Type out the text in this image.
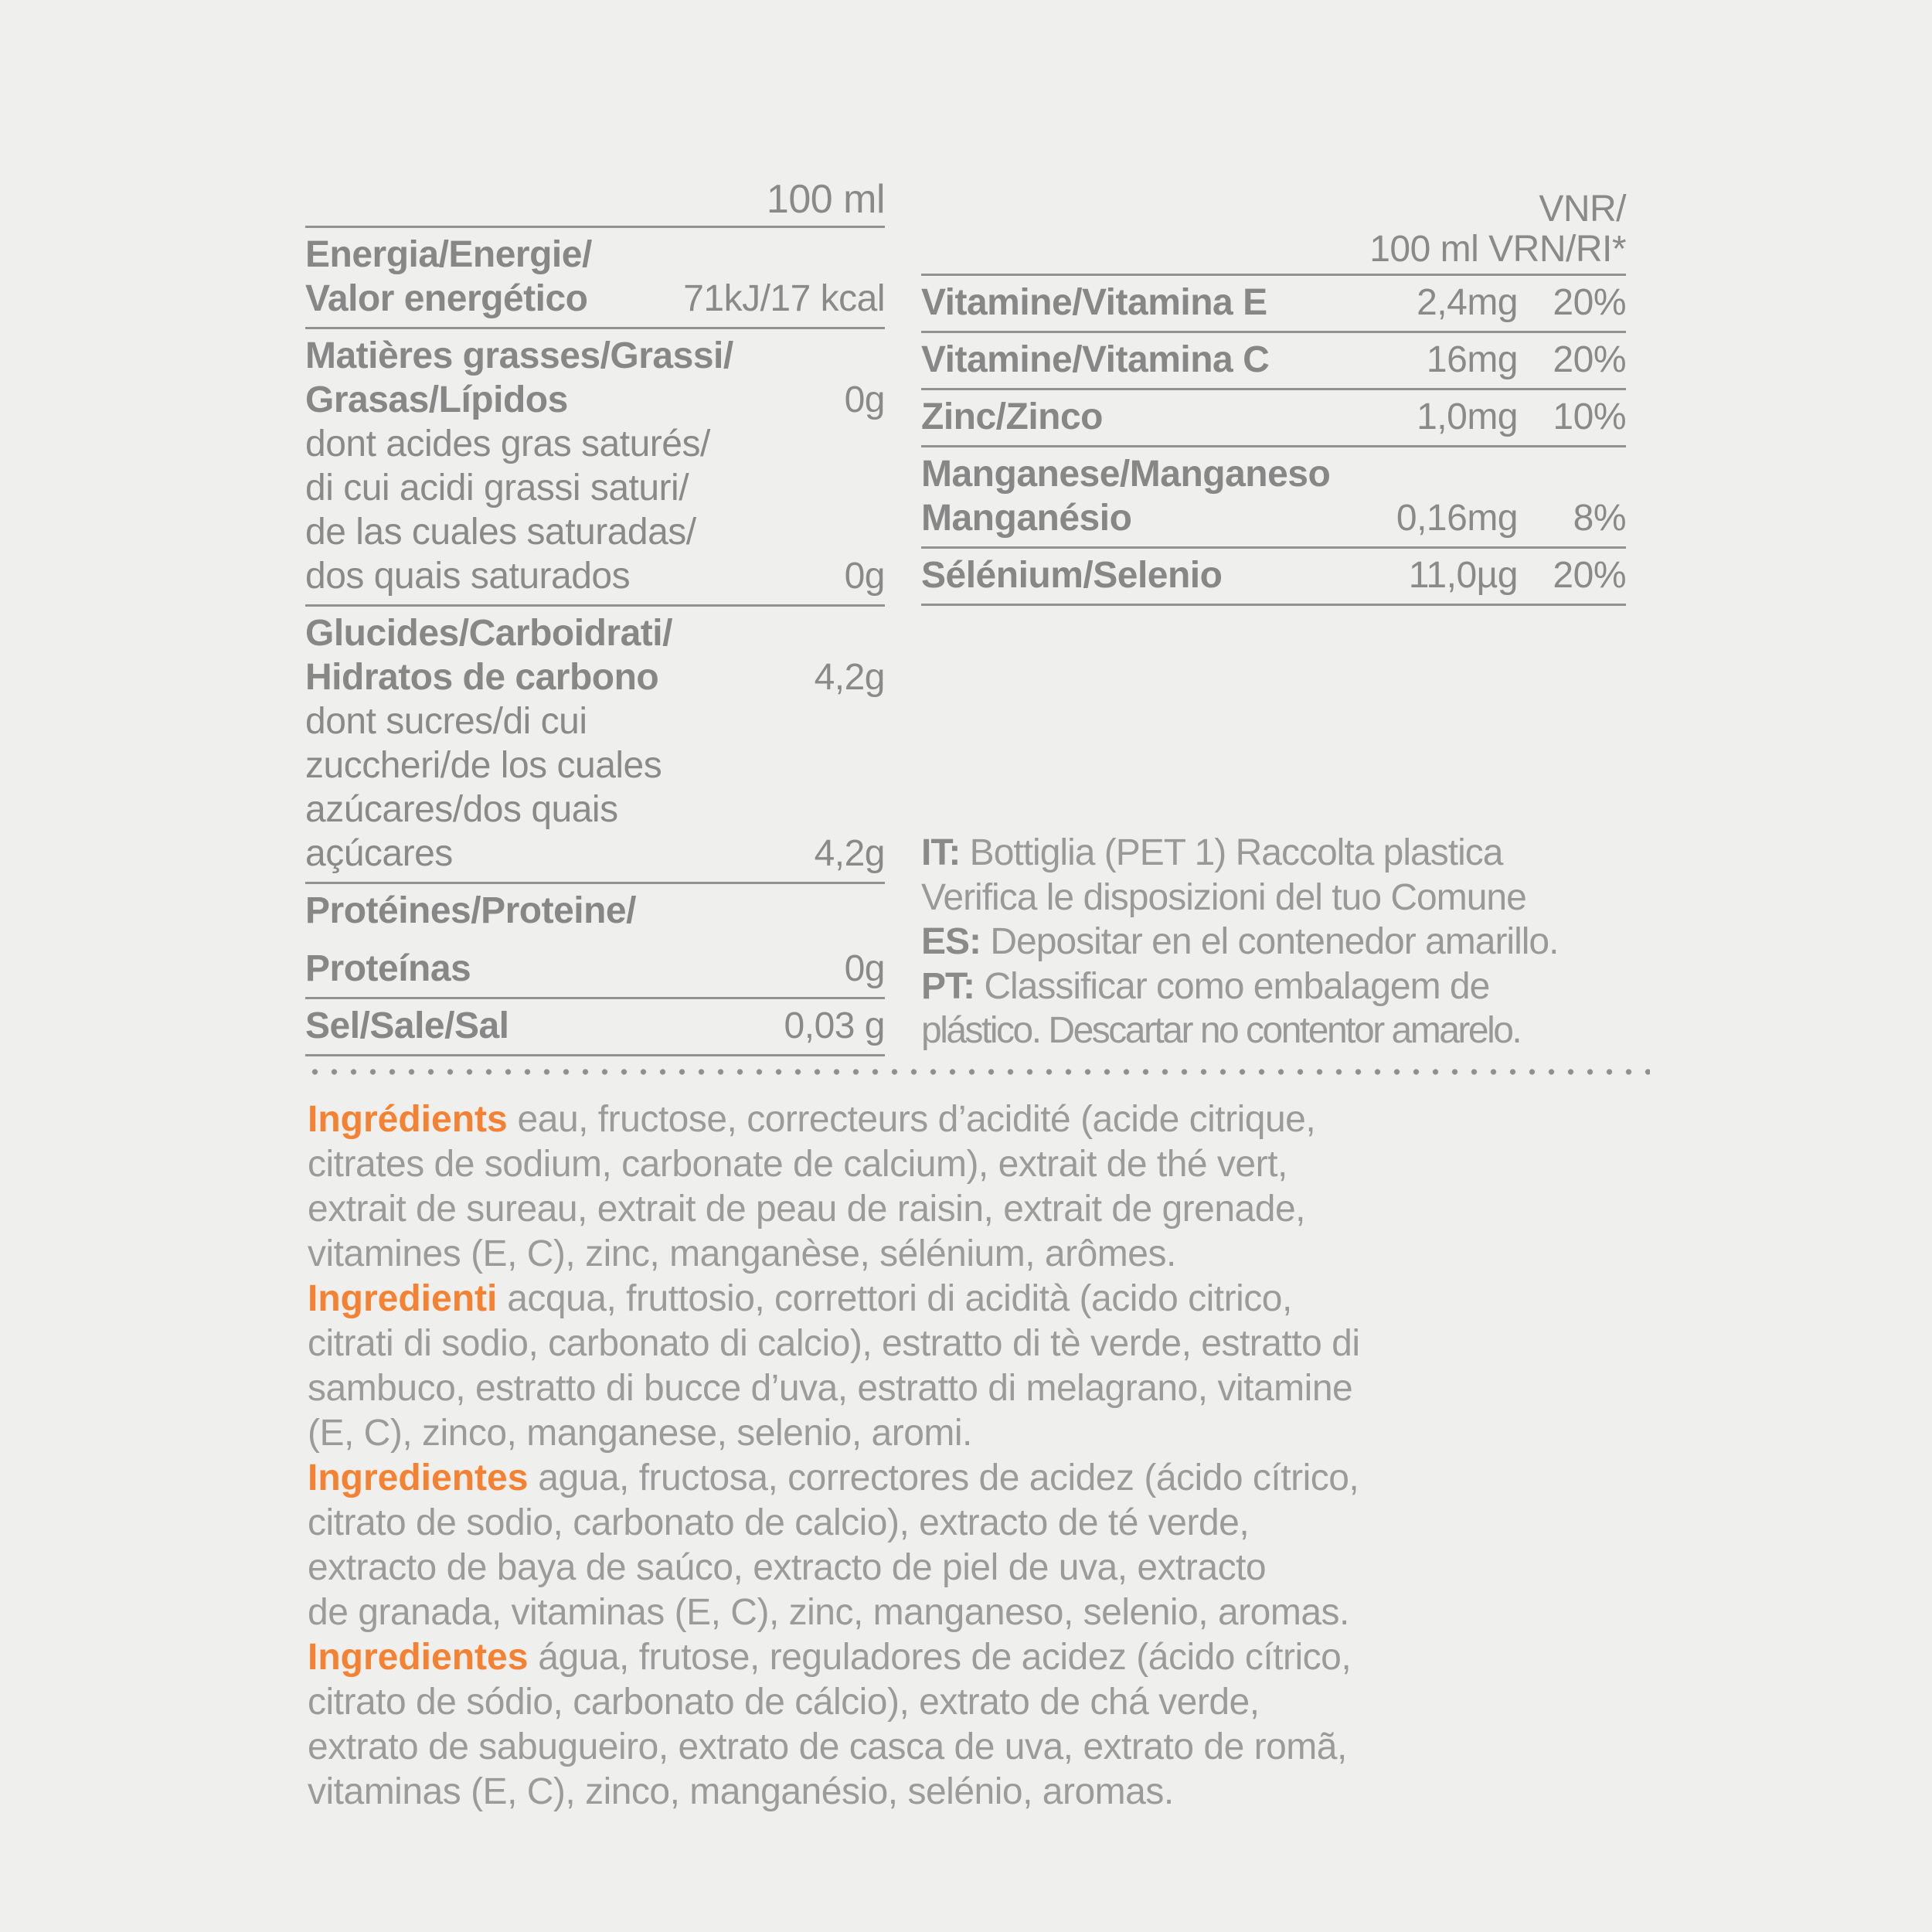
100 ml
Energia/Energie/
Valor energético	71kJ/17 kcal
Matières grasses/Grassi/
Grasas/Lípidos	0g
dont acides gras saturés/
di cui acidi grassi saturi/
de las cuales saturadas/
dos quais saturados	0g
Glucides/Carboidrati/
Hidratos de carbono	4,2g
dont sucres/di cui
zuccheri/de los cuales
azúcares/dos quais
açúcares	4,2g
Protéines/Proteine/
Proteínas	0g
Sel/Sale/Sal	0,03 g
VNR/
100 ml VRN/RI*
Vitamine/Vitamina E	2,4mg 20%
Vitamine/Vitamina C	16mg 20%
Zinc/Zinco	1,0mg 10%
Manganese/Manganeso
Manganésio	0,16mg	8%
Sélénium/Selenio	11,0µg 20%
IT: Bottiglia (PET 1) Raccolta plastica
Verifica le disposizioni del tuo Comune
ES: Depositar en el contenedor amarillo.
PT: Classificar como embalagem de
plástico. Descartar no contentor amarelo.
Ingrédients eau, fructose, correcteurs d’acidité (acide citrique,
citrates de sodium, carbonate de calcium), extrait de thé vert,
extrait de sureau, extrait de peau de raisin, extrait de grenade,
vitamines (E, C), zinc, manganèse, sélénium, arômes.
Ingredienti acqua, fruttosio, correttori di acidità (acido citrico,
citrati di sodio, carbonato di calcio), estratto di tè verde, estratto di
sambuco, estratto di bucce d’uva, estratto di melagrano, vitamine
(E, C), zinco, manganese, selenio, aromi.
Ingredientes agua, fructosa, correctores de acidez (ácido cítrico,
citrato de sodio, carbonato de calcio), extracto de té verde,
extracto de baya de saúco, extracto de piel de uva, extracto
de granada, vitaminas (E, C), zinc, manganeso, selenio, aromas.
Ingredientes água, frutose, reguladores de acidez (ácido cítrico,
citrato de sódio, carbonato de cálcio), extrato de chá verde,
extrato de sabugueiro, extrato de casca de uva, extrato de romã,
vitaminas (E, C), zinco, manganésio, selénio, aromas.
